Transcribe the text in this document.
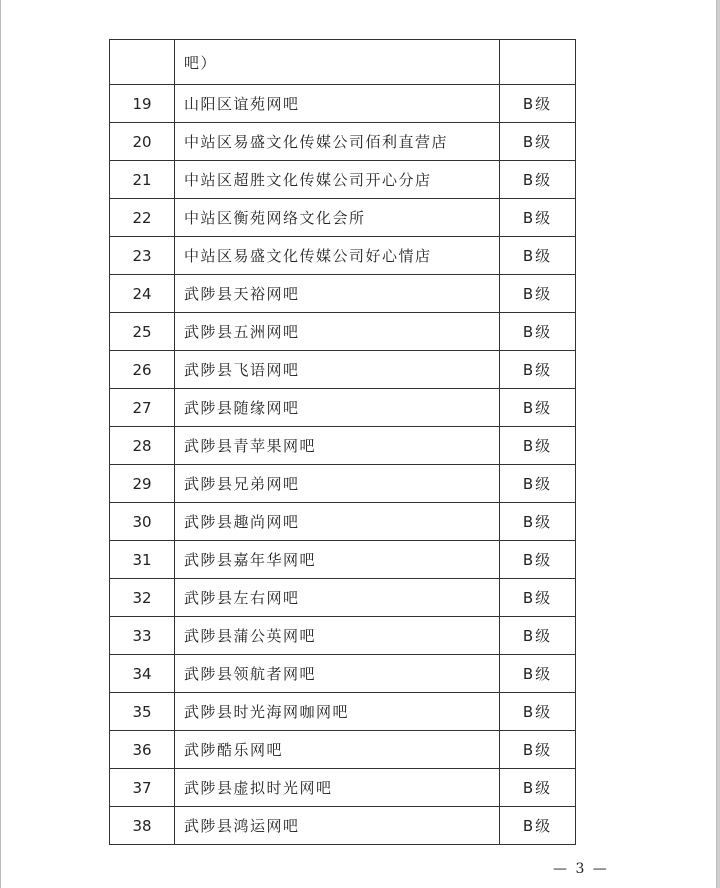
	吧）	
19	山阳区谊苑网吧	B级
20	中站区易盛文化传媒公司佰利直营店	B级
21	中站区超胜文化传媒公司开心分店	B级
22	中站区衡苑网络文化会所	B级
23	中站区易盛文化传媒公司好心情店	B级
24	武陟县天裕网吧	B级
25	武陟县五洲网吧	B级
26	武陟县飞语网吧	B级
27	武陟县随缘网吧	B级
28	武陟县青苹果网吧	B级
29	武陟县兄弟网吧	B级
30	武陟县趣尚网吧	B级
31	武陟县嘉年华网吧	B级
32	武陟县左右网吧	B级
33	武陟县蒲公英网吧	B级
34	武陟县领航者网吧	B级
35	武陟县时光海网咖网吧	B级
36	武陟酷乐网吧	B级
37	武陟县虚拟时光网吧	B级
38	武陟县鸿运网吧	B级
— 3 —
